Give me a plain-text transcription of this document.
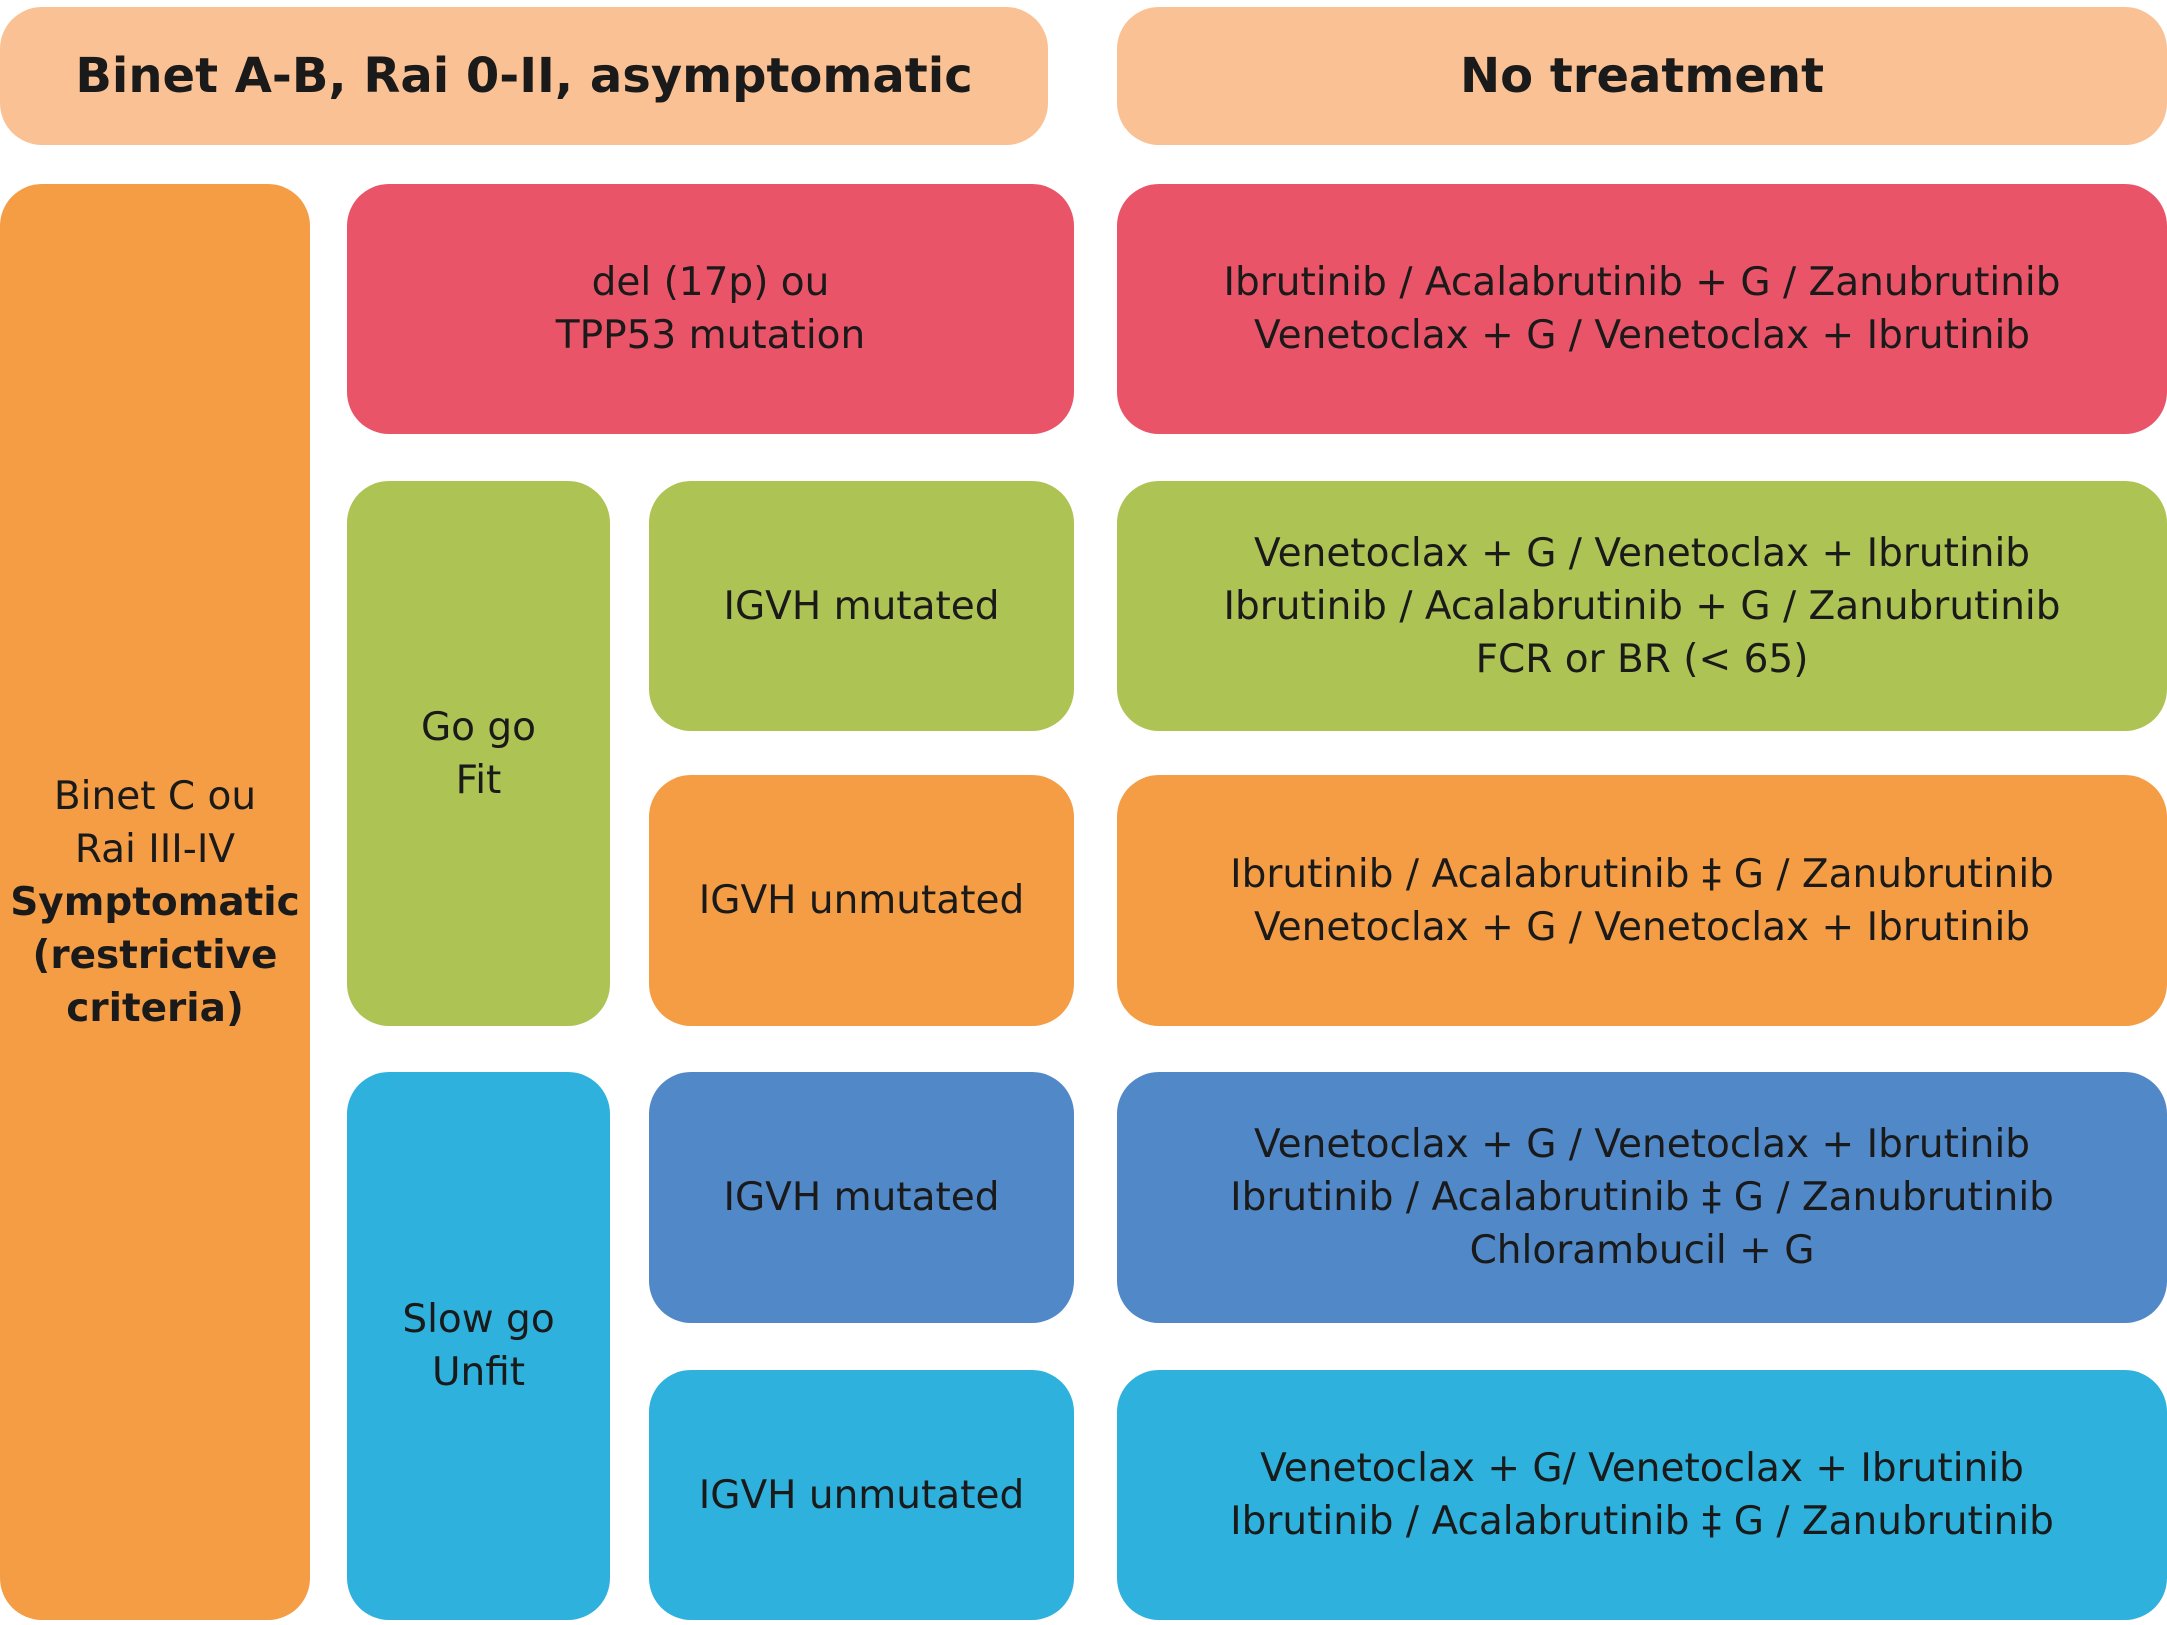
Binet A-B, Rai 0-II, asymptomatic	No treatment
Binet C ou
Rai III-IV
Symptomatic
(restrictive
criteria)
del (17p) ou
TPP53 mutation
Ibrutinib / Acalabrutinib + G / Zanubrutinib
Venetoclax + G / Venetoclax + Ibrutinib
Go go
Fit
IGVH mutated
Venetoclax + G / Venetoclax + Ibrutinib
Ibrutinib / Acalabrutinib + G / Zanubrutinib
FCR or BR (< 65)
IGVH unmutated
Ibrutinib / Acalabrutinib ‡ G / Zanubrutinib
Venetoclax + G / Venetoclax + Ibrutinib
Slow go
Unfit
IGVH mutated
Venetoclax + G / Venetoclax + Ibrutinib
Ibrutinib / Acalabrutinib ‡ G / Zanubrutinib
Chlorambucil + G
IGVH unmutated
Venetoclax + G/ Venetoclax + Ibrutinib
Ibrutinib / Acalabrutinib ‡ G / Zanubrutinib
